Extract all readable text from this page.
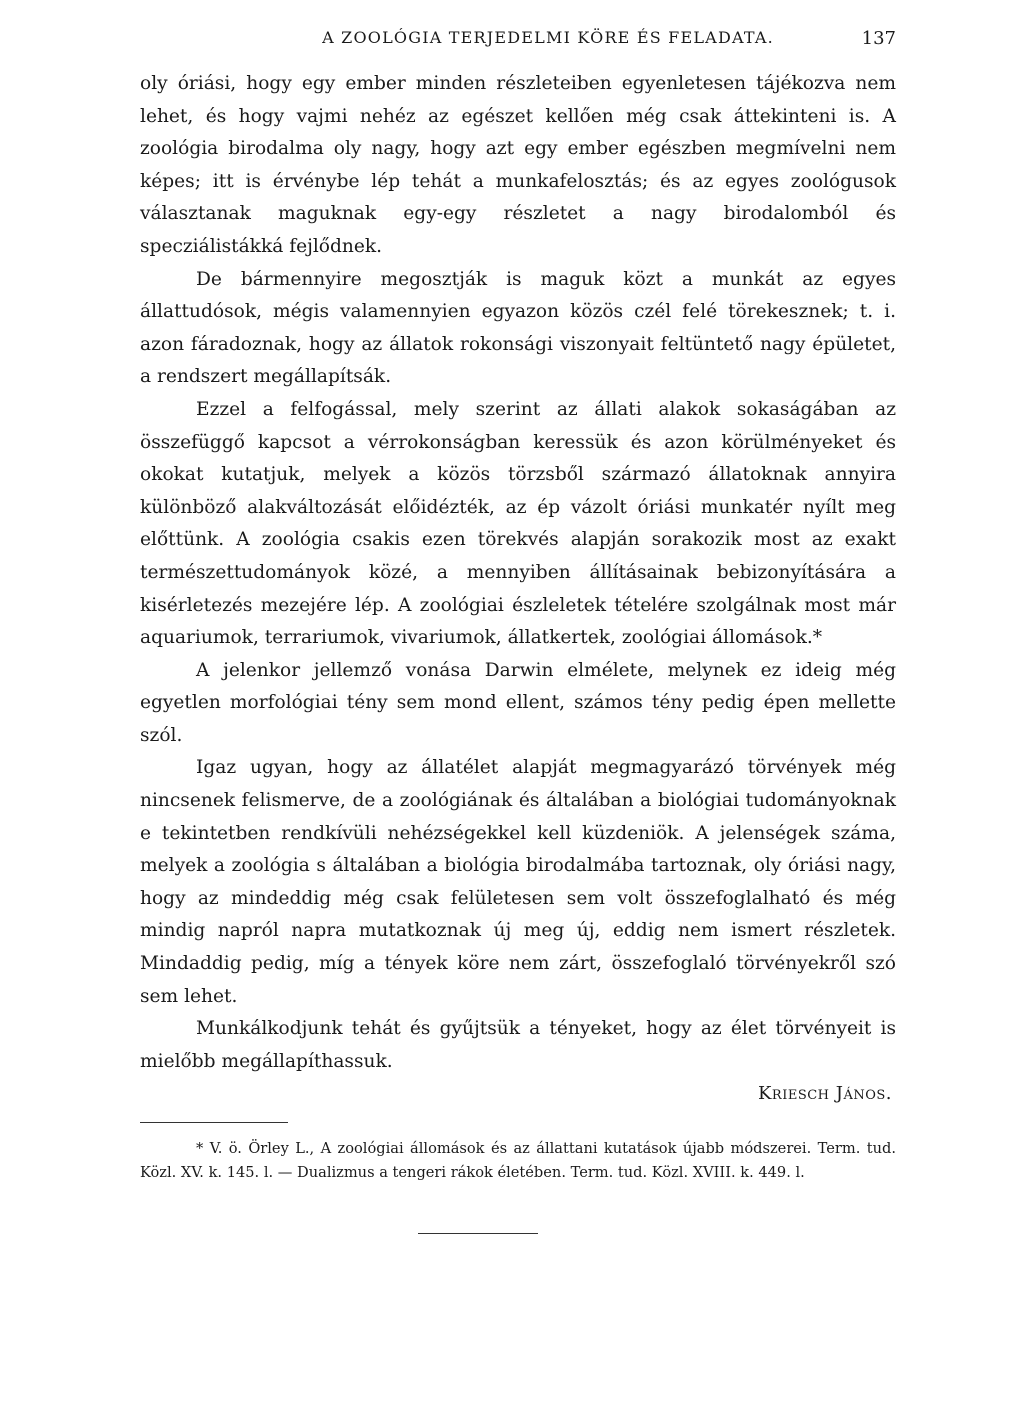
A ZOOLÓGIA TERJEDELMI KÖRE ÉS FELADATA.	137

oly óriási, hogy egy ember minden részleteiben egyenletesen tájékozva nem lehet, és hogy vajmi nehéz az egészet kellően még csak áttekinteni is. A zoológia birodalma oly nagy, hogy azt egy ember egészben megmívelni nem képes; itt is érvénybe lép tehát a munkafelosztás; és az egyes zoológusok választanak maguknak egy-egy részletet a nagy birodalomból és specziálistákká fejlődnek.

De bármennyire megosztják is maguk közt a munkát az egyes állattudósok, mégis valamennyien egyazon közös czél felé törekesznek; t. i. azon fáradoznak, hogy az állatok rokonsági viszonyait feltüntető nagy épületet, a rendszert megállapítsák.

Ezzel a felfogással, mely szerint az állati alakok sokaságában az összefüggő kapcsot a vérrokonságban keressük és azon körülményeket és okokat kutatjuk, melyek a közös törzsből származó állatoknak annyira különböző alakváltozását előidézték, az ép vázolt óriási munkatér nyílt meg előttünk. A zoológia csakis ezen törekvés alapján sorakozik most az exakt természettudományok közé, a mennyiben állításainak bebizonyítására a kisérletezés mezejére lép. A zoológiai észleletek tételére szolgálnak most már aquariumok, terrariumok, vivariumok, állatkertek, zoológiai állomások.*

A jelenkor jellemző vonása Darwin elmélete, melynek ez ideig még egyetlen morfológiai tény sem mond ellent, számos tény pedig épen mellette szól.

Igaz ugyan, hogy az állatélet alapját megmagyarázó törvények még nincsenek felismerve, de a zoológiának és általában a biológiai tudományoknak e tekintetben rendkívüli nehézségekkel kell küzdeniök. A jelenségek száma, melyek a zoológia s általában a biológia birodalmába tartoznak, oly óriási nagy, hogy az mindeddig még csak felületesen sem volt összefoglalható és még mindig napról napra mutatkoznak új meg új, eddig nem ismert részletek. Mindaddig pedig, míg a tények köre nem zárt, összefoglaló törvényekről szó sem lehet.

Munkálkodjunk tehát és gyűjtsük a tényeket, hogy az élet törvényeit is mielőbb megállapíthassuk.

Kriesch János.
* V. ö. Örley L., A zoológiai állomások és az állattani kutatások újabb módszerei. Term. tud. Közl. XV. k. 145. l. — Dualizmus a tengeri rákok életében. Term. tud. Közl. XVIII. k. 449. l.
